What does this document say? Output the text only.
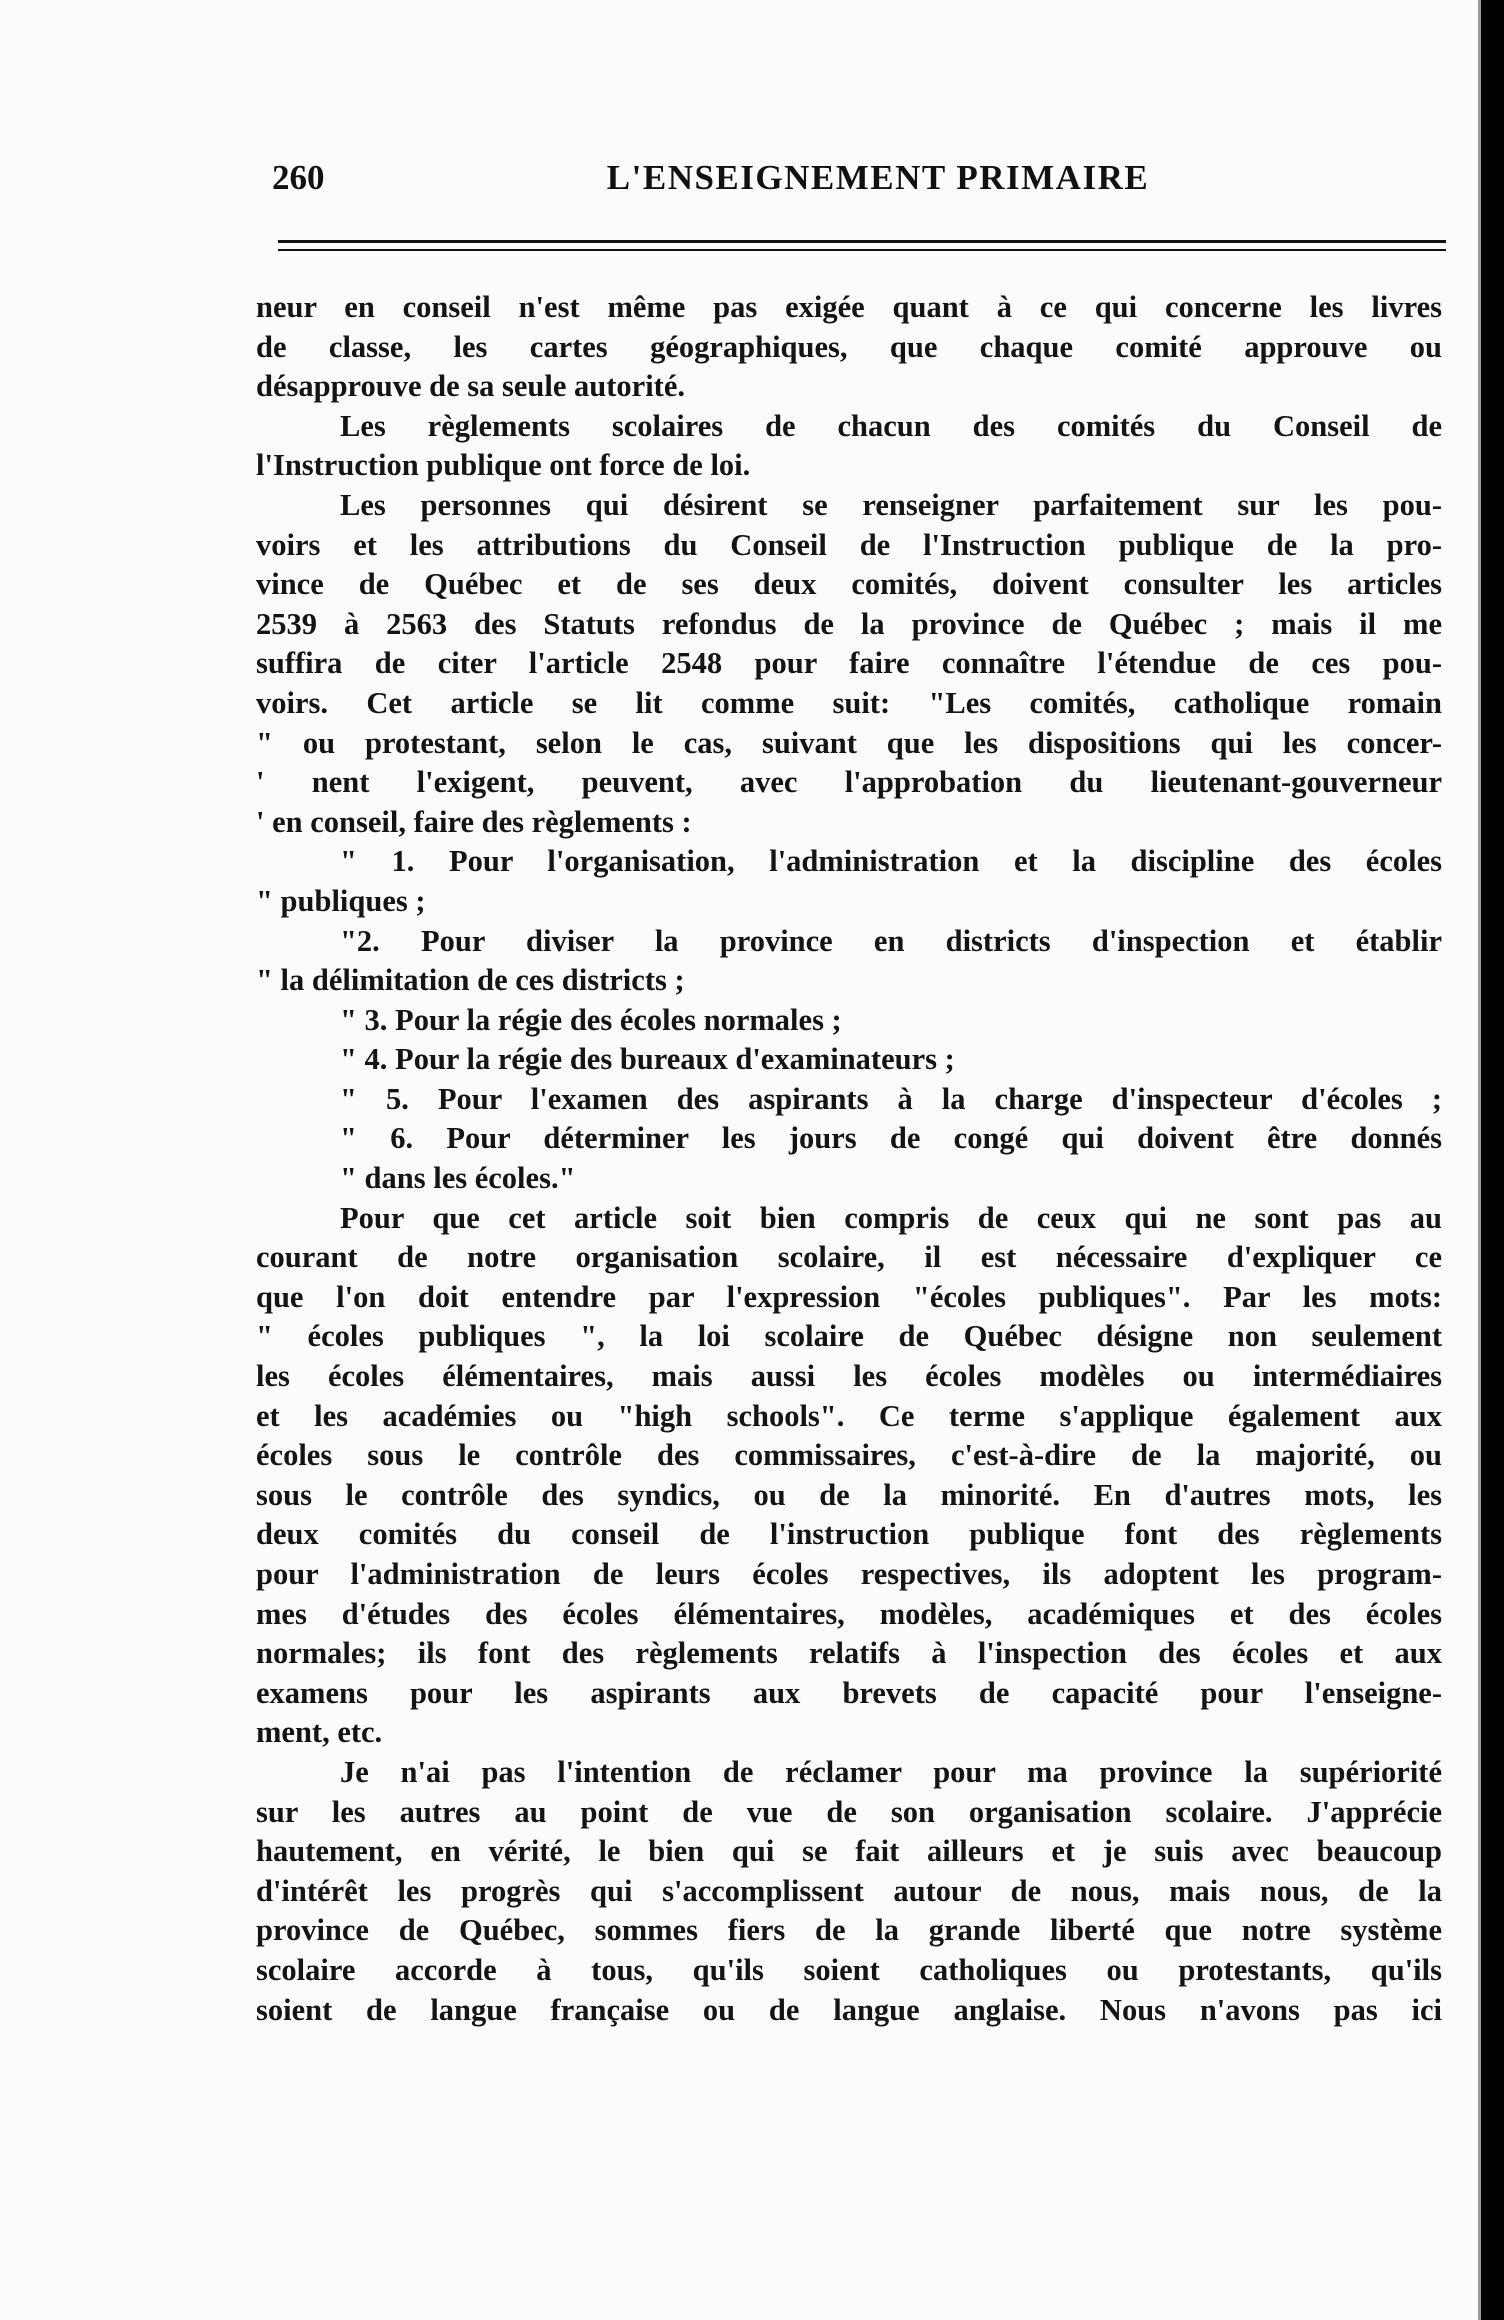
260	L'ENSEIGNEMENT PRIMAIRE
neur en conseil n'est même pas exigée quant à ce qui concerne les livres
de classe, les cartes géographiques, que chaque comité approuve ou
désapprouve de sa seule autorité.
Les règlements scolaires de chacun des comités du Conseil de
l'Instruction publique ont force de loi.
Les personnes qui désirent se renseigner parfaitement sur les pou-
voirs et les attributions du Conseil de l'Instruction publique de la pro-
vince de Québec et de ses deux comités, doivent consulter les articles
2539 à 2563 des Statuts refondus de la province de Québec ; mais il me
suffira de citer l'article 2548 pour faire connaître l'étendue de ces pou-
voirs. Cet article se lit comme suit: "Les comités, catholique romain
" ou protestant, selon le cas, suivant que les dispositions qui les concer-
' nent l'exigent, peuvent, avec l'approbation du lieutenant-gouverneur
' en conseil, faire des règlements :
" 1. Pour l'organisation, l'administration et la discipline des écoles
" publiques ;
"2. Pour diviser la province en districts d'inspection et établir
" la délimitation de ces districts ;
" 3. Pour la régie des écoles normales ;
" 4. Pour la régie des bureaux d'examinateurs ;
" 5. Pour l'examen des aspirants à la charge d'inspecteur d'écoles ;
" 6. Pour déterminer les jours de congé qui doivent être donnés
" dans les écoles."
Pour que cet article soit bien compris de ceux qui ne sont pas au
courant de notre organisation scolaire, il est nécessaire d'expliquer ce
que l'on doit entendre par l'expression "écoles publiques". Par les mots:
" écoles publiques ", la loi scolaire de Québec désigne non seulement
les écoles élémentaires, mais aussi les écoles modèles ou intermédiaires
et les académies ou "high schools". Ce terme s'applique également aux
écoles sous le contrôle des commissaires, c'est-à-dire de la majorité, ou
sous le contrôle des syndics, ou de la minorité. En d'autres mots, les
deux comités du conseil de l'instruction publique font des règlements
pour l'administration de leurs écoles respectives, ils adoptent les program-
mes d'études des écoles élémentaires, modèles, académiques et des écoles
normales; ils font des règlements relatifs à l'inspection des écoles et aux
examens pour les aspirants aux brevets de capacité pour l'enseigne-
ment, etc.
Je n'ai pas l'intention de réclamer pour ma province la supériorité
sur les autres au point de vue de son organisation scolaire. J'apprécie
hautement, en vérité, le bien qui se fait ailleurs et je suis avec beaucoup
d'intérêt les progrès qui s'accomplissent autour de nous, mais nous, de la
province de Québec, sommes fiers de la grande liberté que notre système
scolaire accorde à tous, qu'ils soient catholiques ou protestants, qu'ils
soient de langue française ou de langue anglaise. Nous n'avons pas ici
